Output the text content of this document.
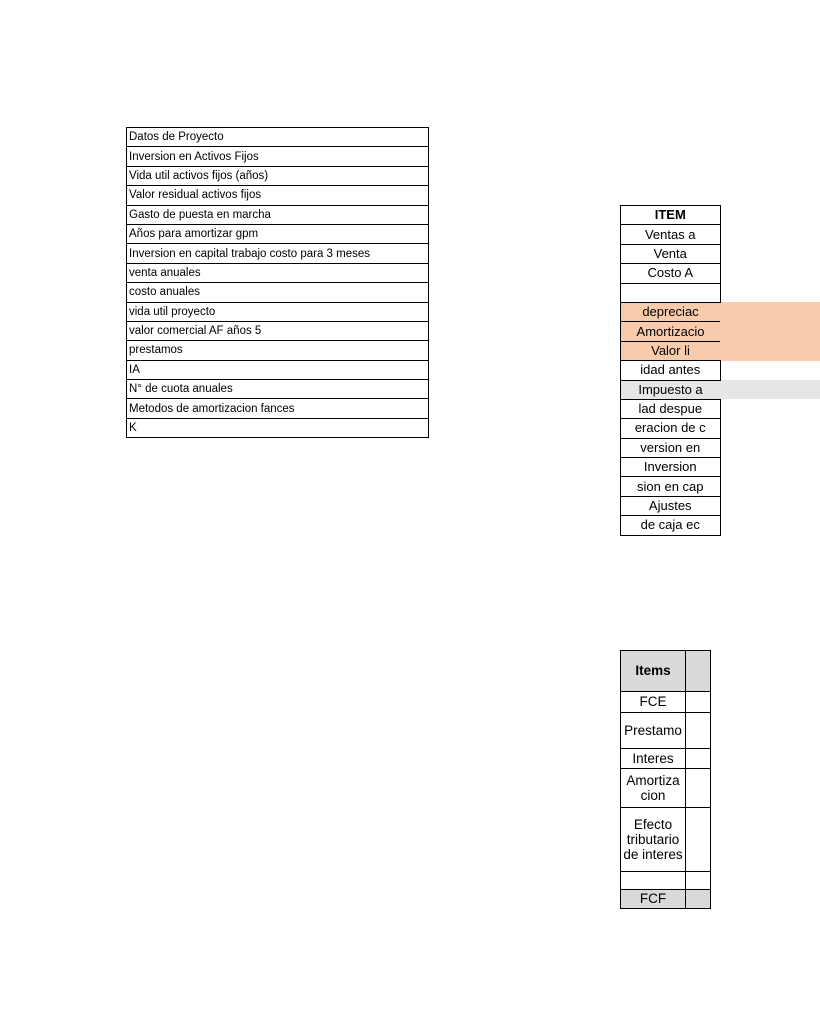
Datos de Proyecto
Inversion en Activos Fijos
Vida util activos fijos (años)
Valor residual activos fijos
Gasto de puesta en marcha
Años para amortizar gpm
Inversion en capital trabajo costo para 3 meses
venta anuales
costo anuales
vida util proyecto
valor comercial AF años 5
prestamos
IA
N° de cuota anuales
Metodos de amortizacion fances
K
ITEM	
Ventas a	
Venta	
Costo A	

depreciac	
Amortizacio	
Valor li	
idad antes	
Impuesto a	
lad despue	
eracion de c	
version en	
Inversion	
sion en cap	
Ajustes	
de caja ec	
Items	
FCE	
Prestamo	
Interes	
Amortiza cion	
Efecto tributario de interes	

FCF	
